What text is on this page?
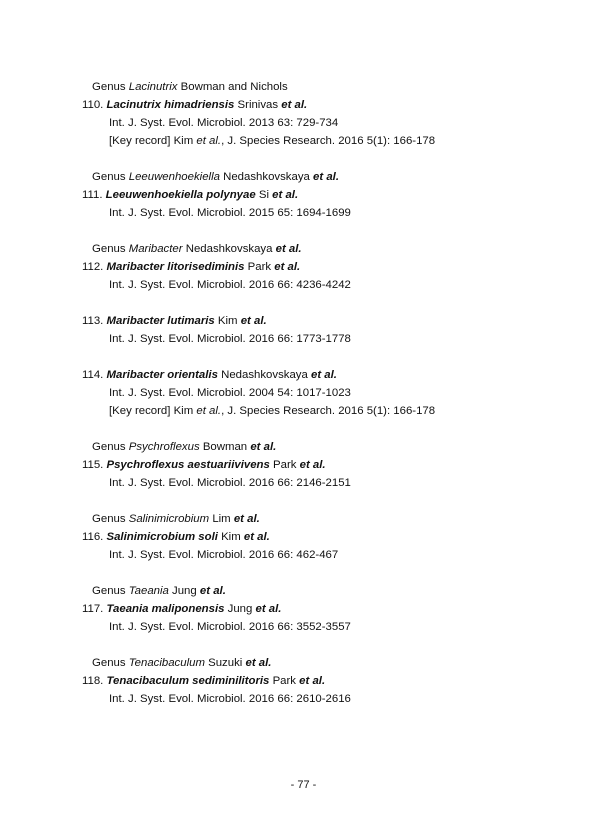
Genus Lacinutrix Bowman and Nichols
110. Lacinutrix himadriensis Srinivas et al.
Int. J. Syst. Evol. Microbiol. 2013 63: 729-734
[Key record] Kim et al., J. Species Research. 2016 5(1): 166-178
Genus Leeuwenhoekiella Nedashkovskaya et al.
111. Leeuwenhoekiella polynyae Si et al.
Int. J. Syst. Evol. Microbiol. 2015 65: 1694-1699
Genus Maribacter Nedashkovskaya et al.
112. Maribacter litorisediminis Park et al.
Int. J. Syst. Evol. Microbiol. 2016 66: 4236-4242
113. Maribacter lutimaris Kim et al.
Int. J. Syst. Evol. Microbiol. 2016 66: 1773-1778
114. Maribacter orientalis Nedashkovskaya et al.
Int. J. Syst. Evol. Microbiol. 2004 54: 1017-1023
[Key record] Kim et al., J. Species Research. 2016 5(1): 166-178
Genus Psychroflexus Bowman et al.
115. Psychroflexus aestuariivivens Park et al.
Int. J. Syst. Evol. Microbiol. 2016 66: 2146-2151
Genus Salinimicrobium Lim et al.
116. Salinimicrobium soli Kim et al.
Int. J. Syst. Evol. Microbiol. 2016 66: 462-467
Genus Taeania Jung et al.
117. Taeania maliponensis Jung et al.
Int. J. Syst. Evol. Microbiol. 2016 66: 3552-3557
Genus Tenacibaculum Suzuki et al.
118. Tenacibaculum sediminilitoris Park et al.
Int. J. Syst. Evol. Microbiol. 2016 66: 2610-2616
- 77 -
